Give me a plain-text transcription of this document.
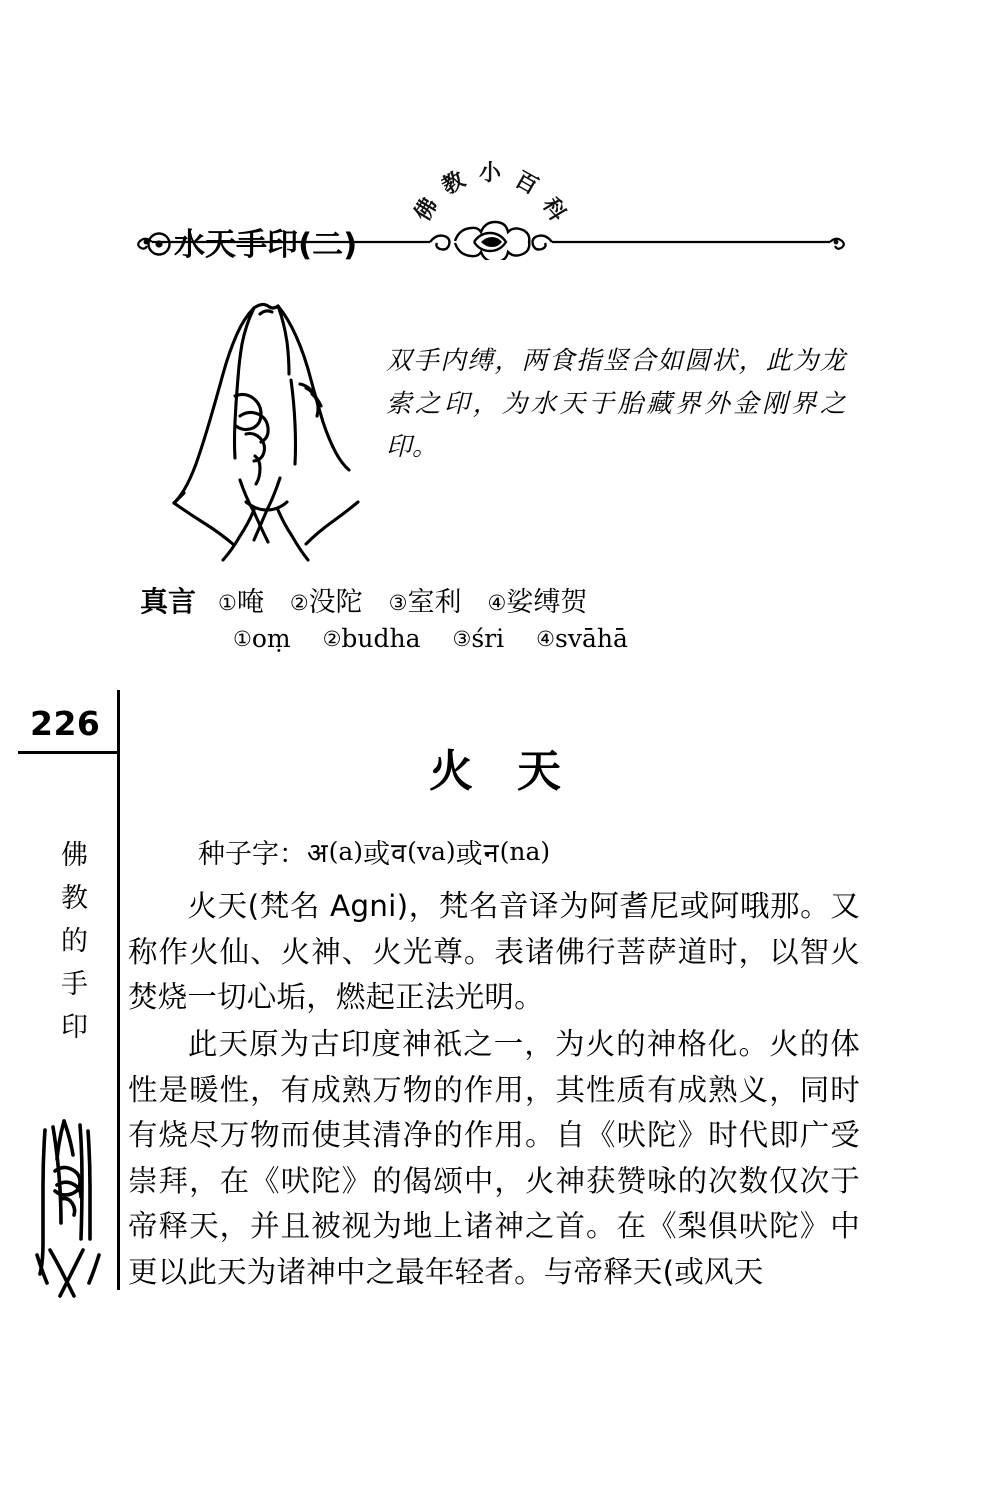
佛
教 小 百
科
水天手印(二)
双手内缚，两食指竖合如圆状，此为龙索之印，为水天于胎藏界外金刚界之印。
真言 ①唵 ②没陀 ③室利 ④娑缚贺
①oṃ ②budha ③śri ④svāhā
226
佛教的手印
火天
种子字： अ (a) 或 व (va) 或 न (na)
火天(梵名 Agni)，梵名音译为阿耆尼或阿哦那。又称作火仙、火神、火光尊。表诸佛行菩萨道时，以智火焚烧一切心垢，燃起正法光明。
此天原为古印度神祇之一，为火的神格化。火的体性是暖性，有成熟万物的作用，其性质有成熟义，同时有烧尽万物而使其清净的作用。自《吠陀》时代即广受崇拜，在《吠陀》的偈颂中，火神获赞咏的次数仅次于帝释天，并且被视为地上诸神之首。在《梨俱吠陀》中更以此天为诸神中之最年轻者。与帝释天(或风天
